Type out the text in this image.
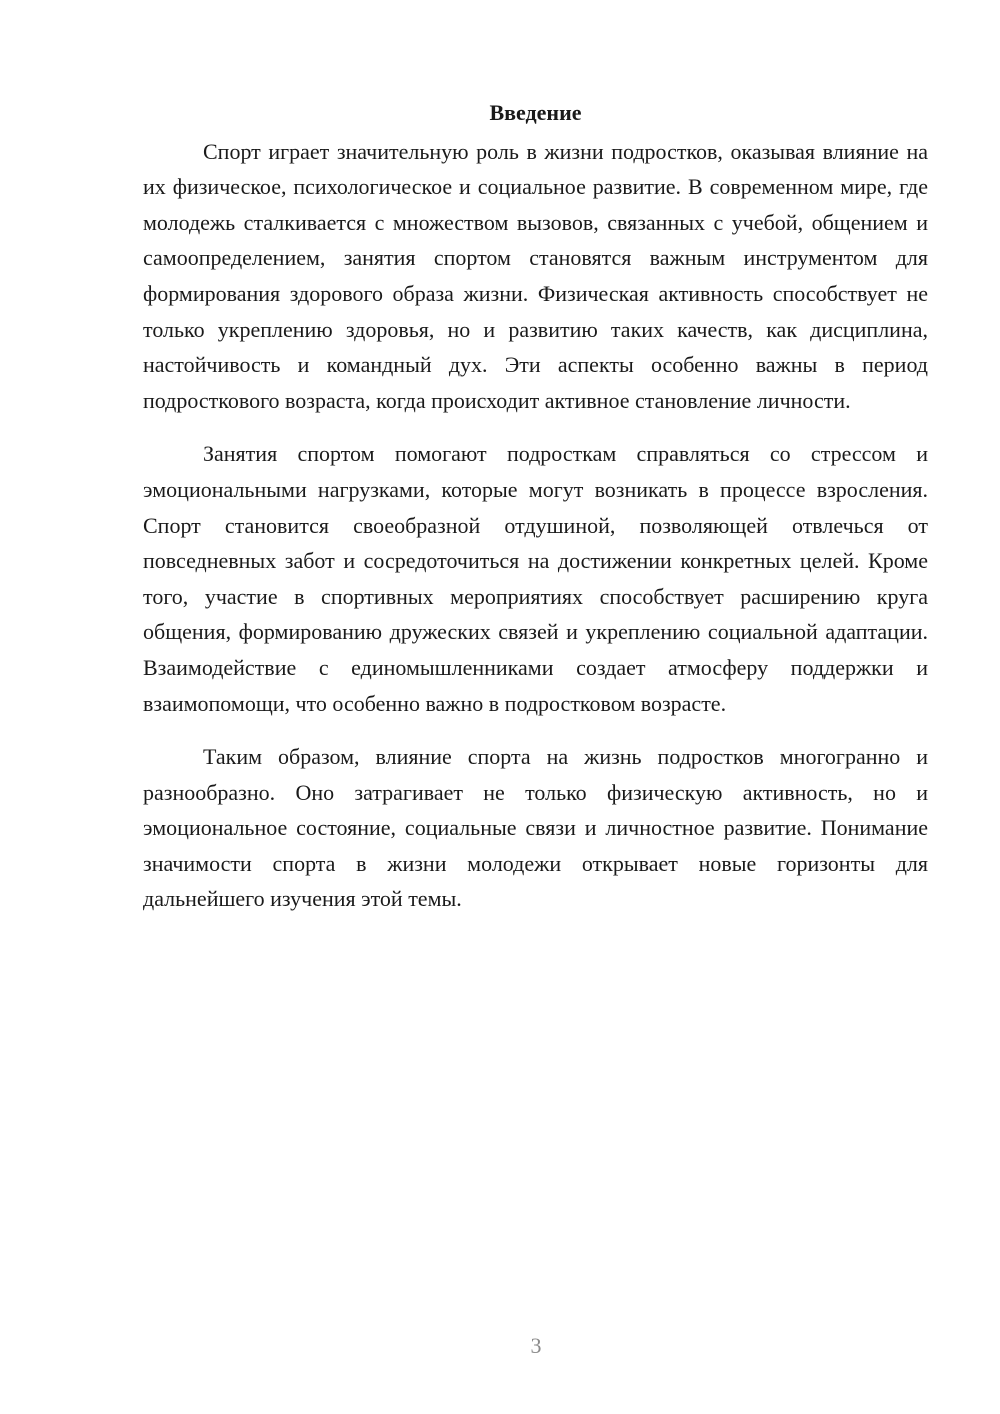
Введение

Спорт играет значительную роль в жизни подростков, оказывая влияние на их физическое, психологическое и социальное развитие. В современном мире, где молодежь сталкивается с множеством вызовов, связанных с учебой, общением и самоопределением, занятия спортом становятся важным инструментом для формирования здорового образа жизни. Физическая активность способствует не только укреплению здоровья, но и развитию таких качеств, как дисциплина, настойчивость и командный дух. Эти аспекты особенно важны в период подросткового возраста, когда происходит активное становление личности.

Занятия спортом помогают подросткам справляться со стрессом и эмоциональными нагрузками, которые могут возникать в процессе взросления. Спорт становится своеобразной отдушиной, позволяющей отвлечься от повседневных забот и сосредоточиться на достижении конкретных целей. Кроме того, участие в спортивных мероприятиях способствует расширению круга общения, формированию дружеских связей и укреплению социальной адаптации. Взаимодействие с единомышленниками создает атмосферу поддержки и взаимопомощи, что особенно важно в подростковом возрасте.

Таким образом, влияние спорта на жизнь подростков многогранно и разнообразно. Оно затрагивает не только физическую активность, но и эмоциональное состояние, социальные связи и личностное развитие. Понимание значимости спорта в жизни молодежи открывает новые горизонты для дальнейшего изучения этой темы.

3
